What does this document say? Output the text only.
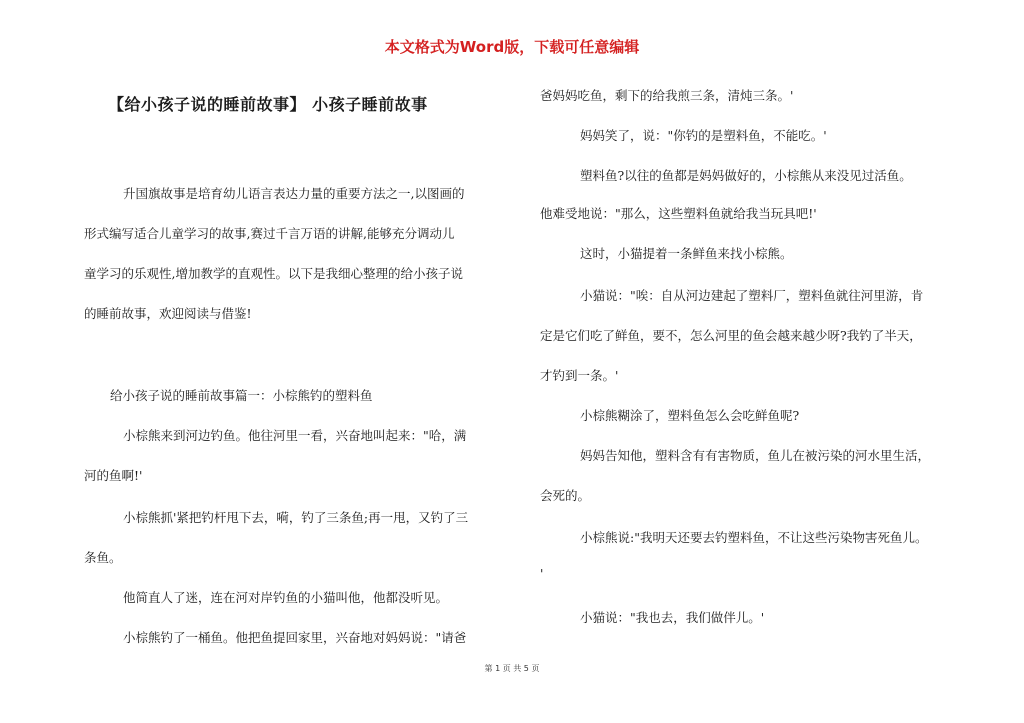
本文格式为Word版，下载可任意编辑
【给小孩子说的睡前故事】 小孩子睡前故事
升国旗故事是培育幼儿语言表达力量的重要方法之一,以图画的
形式编写适合儿童学习的故事,赛过千言万语的讲解,能够充分调动儿
童学习的乐观性,增加教学的直观性。以下是我细心整理的给小孩子说
的睡前故事，欢迎阅读与借鉴!
给小孩子说的睡前故事篇一：小棕熊钓的塑料鱼
小棕熊来到河边钓鱼。他往河里一看，兴奋地叫起来："哈，满
河的鱼啊!'
小棕熊抓'紧把钓杆甩下去，嗬，钓了三条鱼;再一甩，又钓了三
条鱼。
他简直人了迷，连在河对岸钓鱼的小猫叫他，他都没听见。
小棕熊钓了一桶鱼。他把鱼提回家里，兴奋地对妈妈说："请爸
爸妈妈吃鱼，剩下的给我煎三条，清炖三条。'
妈妈笑了，说："你钓的是塑料鱼，不能吃。'
塑料鱼?以往的鱼都是妈妈做好的，小棕熊从来没见过活鱼。
他难受地说："那么，这些塑料鱼就给我当玩具吧!'
这时，小猫提着一条鲜鱼来找小棕熊。
小猫说："唉：自从河边建起了塑料厂，塑料鱼就往河里游，肯
定是它们吃了鲜鱼，要不，怎么河里的鱼会越来越少呀?我钓了半天，
才钓到一条。'
小棕熊糊涂了，塑料鱼怎么会吃鲜鱼呢?
妈妈告知他，塑料含有有害物质，鱼儿在被污染的河水里生活，
会死的。
小棕熊说:"我明天还要去钓塑料鱼，不让这些污染物害死鱼儿。
'
小猫说："我也去，我们做伴儿。'
第 1 页 共 5 页
